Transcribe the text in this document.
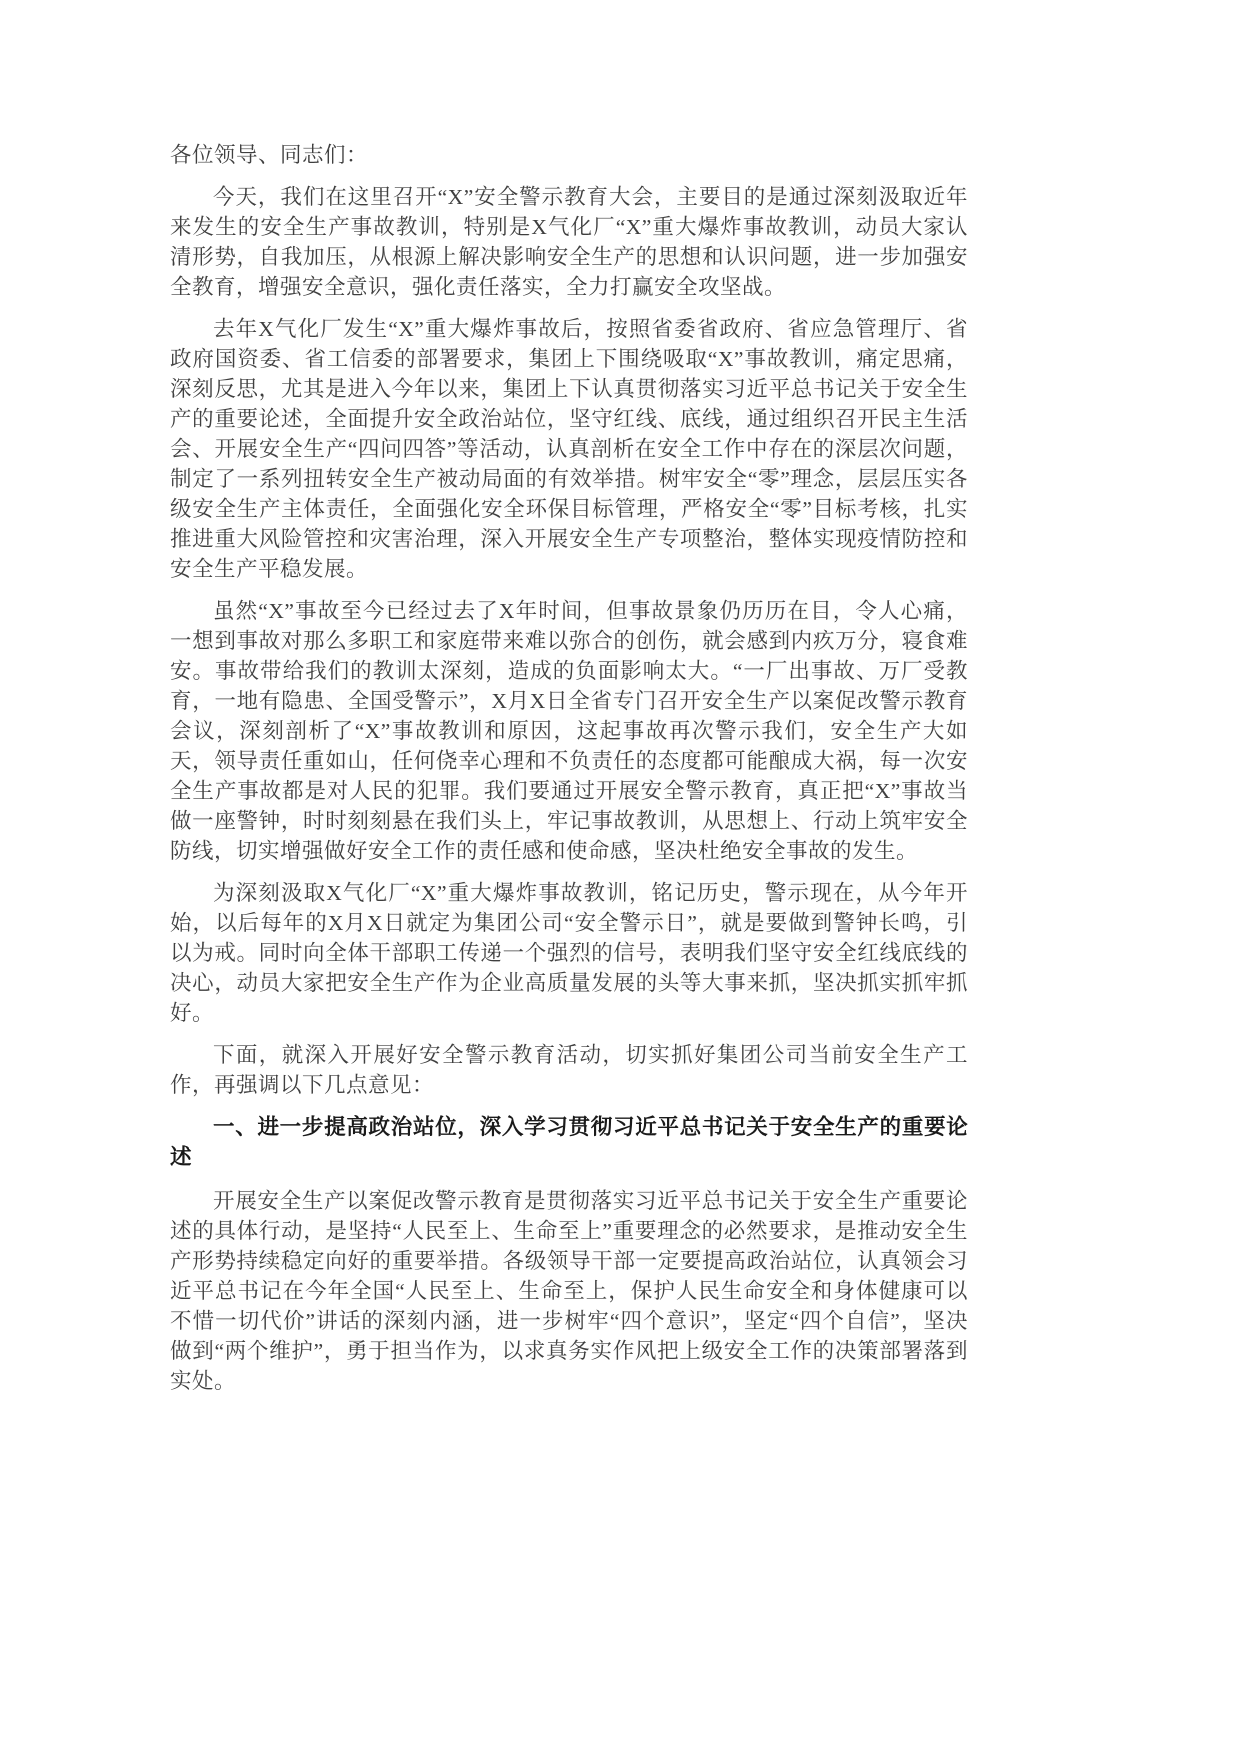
各位领导、同志们：

今天，我们在这里召开“X”安全警示教育大会，主要目的是通过深刻汲取近年来发生的安全生产事故教训，特别是X气化厂“X”重大爆炸事故教训，动员大家认清形势，自我加压，从根源上解决影响安全生产的思想和认识问题，进一步加强安全教育，增强安全意识，强化责任落实，全力打赢安全攻坚战。

去年X气化厂发生“X”重大爆炸事故后，按照省委省政府、省应急管理厅、省政府国资委、省工信委的部署要求，集团上下围绕吸取“X”事故教训，痛定思痛，深刻反思，尤其是进入今年以来，集团上下认真贯彻落实习近平总书记关于安全生产的重要论述，全面提升安全政治站位，坚守红线、底线，通过组织召开民主生活会、开展安全生产“四问四答”等活动，认真剖析在安全工作中存在的深层次问题，制定了一系列扭转安全生产被动局面的有效举措。树牢安全“零”理念，层层压实各级安全生产主体责任，全面强化安全环保目标管理，严格安全“零”目标考核，扎实推进重大风险管控和灾害治理，深入开展安全生产专项整治，整体实现疫情防控和安全生产平稳发展。

虽然“X”事故至今已经过去了X年时间，但事故景象仍历历在目，令人心痛，一想到事故对那么多职工和家庭带来难以弥合的创伤，就会感到内疚万分，寝食难安。事故带给我们的教训太深刻，造成的负面影响太大。“一厂出事故、万厂受教育，一地有隐患、全国受警示”，X月X日全省专门召开安全生产以案促改警示教育会议，深刻剖析了“X”事故教训和原因，这起事故再次警示我们，安全生产大如天，领导责任重如山，任何侥幸心理和不负责任的态度都可能酿成大祸，每一次安全生产事故都是对人民的犯罪。我们要通过开展安全警示教育，真正把“X”事故当做一座警钟，时时刻刻悬在我们头上，牢记事故教训，从思想上、行动上筑牢安全防线，切实增强做好安全工作的责任感和使命感，坚决杜绝安全事故的发生。

为深刻汲取X气化厂“X”重大爆炸事故教训，铭记历史，警示现在，从今年开始，以后每年的X月X日就定为集团公司“安全警示日”，就是要做到警钟长鸣，引以为戒。同时向全体干部职工传递一个强烈的信号，表明我们坚守安全红线底线的决心，动员大家把安全生产作为企业高质量发展的头等大事来抓，坚决抓实抓牢抓好。

下面，就深入开展好安全警示教育活动，切实抓好集团公司当前安全生产工作，再强调以下几点意见：

一、进一步提高政治站位，深入学习贯彻习近平总书记关于安全生产的重要论述

开展安全生产以案促改警示教育是贯彻落实习近平总书记关于安全生产重要论述的具体行动，是坚持“人民至上、生命至上”重要理念的必然要求，是推动安全生产形势持续稳定向好的重要举措。各级领导干部一定要提高政治站位，认真领会习近平总书记在今年全国“人民至上、生命至上，保护人民生命安全和身体健康可以不惜一切代价”讲话的深刻内涵，进一步树牢“四个意识”，坚定“四个自信”，坚决做到“两个维护”，勇于担当作为，以求真务实作风把上级安全工作的决策部署落到实处。
